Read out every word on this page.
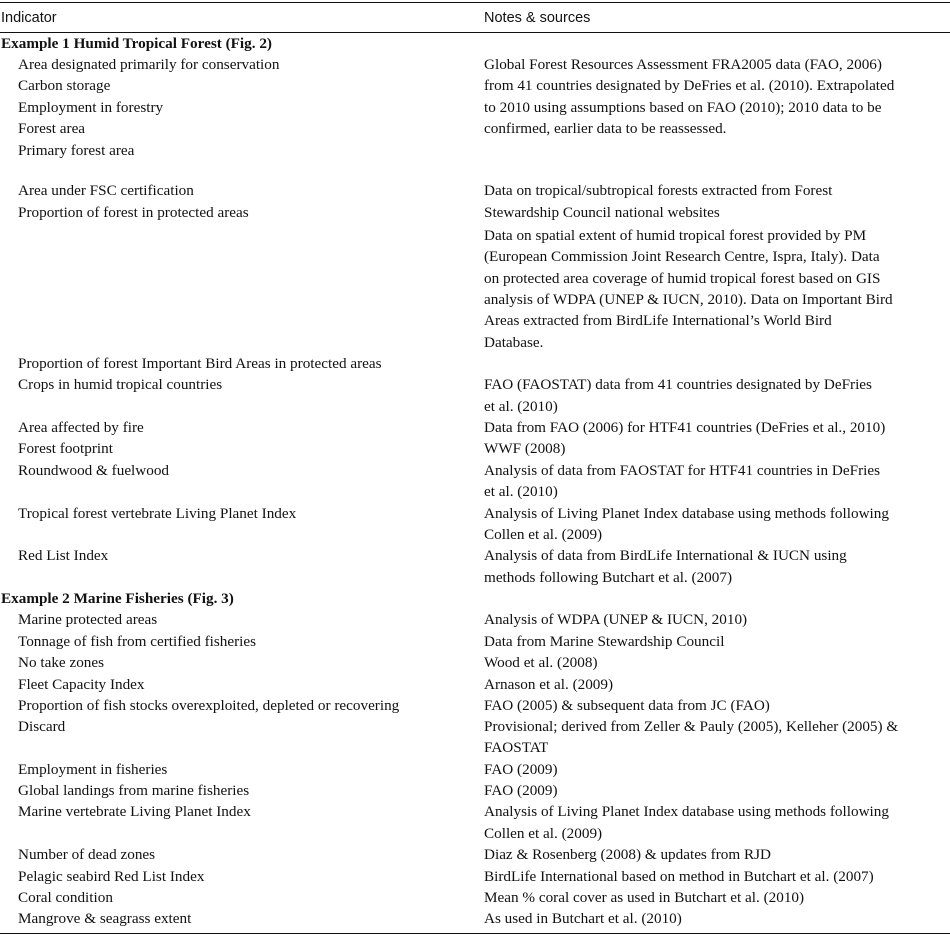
Indicator	Notes & sources
Example 1 Humid Tropical Forest (Fig. 2)
Area designated primarily for conservation	Global Forest Resources Assessment FRA2005 data (FAO, 2006)
Carbon storage	from 41 countries designated by DeFries et al. (2010). Extrapolated
Employment in forestry	to 2010 using assumptions based on FAO (2010); 2010 data to be
Forest area	confirmed, earlier data to be reassessed.
Primary forest area
Area under FSC certification	Data on tropical/subtropical forests extracted from Forest
Proportion of forest in protected areas	Stewardship Council national websites
Data on spatial extent of humid tropical forest provided by PM
(European Commission Joint Research Centre, Ispra, Italy). Data
on protected area coverage of humid tropical forest based on GIS
analysis of WDPA (UNEP & IUCN, 2010). Data on Important Bird
Areas extracted from BirdLife International’s World Bird
Database.
Proportion of forest Important Bird Areas in protected areas
Crops in humid tropical countries	FAO (FAOSTAT) data from 41 countries designated by DeFries
et al. (2010)
Area affected by fire	Data from FAO (2006) for HTF41 countries (DeFries et al., 2010)
Forest footprint	WWF (2008)
Roundwood & fuelwood	Analysis of data from FAOSTAT for HTF41 countries in DeFries
et al. (2010)
Tropical forest vertebrate Living Planet Index	Analysis of Living Planet Index database using methods following
Collen et al. (2009)
Red List Index	Analysis of data from BirdLife International & IUCN using
methods following Butchart et al. (2007)
Example 2 Marine Fisheries (Fig. 3)
Marine protected areas	Analysis of WDPA (UNEP & IUCN, 2010)
Tonnage of fish from certified fisheries	Data from Marine Stewardship Council
No take zones	Wood et al. (2008)
Fleet Capacity Index	Arnason et al. (2009)
Proportion of fish stocks overexploited, depleted or recovering	FAO (2005) & subsequent data from JC (FAO)
Discard	Provisional; derived from Zeller & Pauly (2005), Kelleher (2005) &
FAOSTAT
Employment in fisheries	FAO (2009)
Global landings from marine fisheries	FAO (2009)
Marine vertebrate Living Planet Index	Analysis of Living Planet Index database using methods following
Collen et al. (2009)
Number of dead zones	Diaz & Rosenberg (2008) & updates from RJD
Pelagic seabird Red List Index	BirdLife International based on method in Butchart et al. (2007)
Coral condition	Mean % coral cover as used in Butchart et al. (2010)
Mangrove & seagrass extent	As used in Butchart et al. (2010)
